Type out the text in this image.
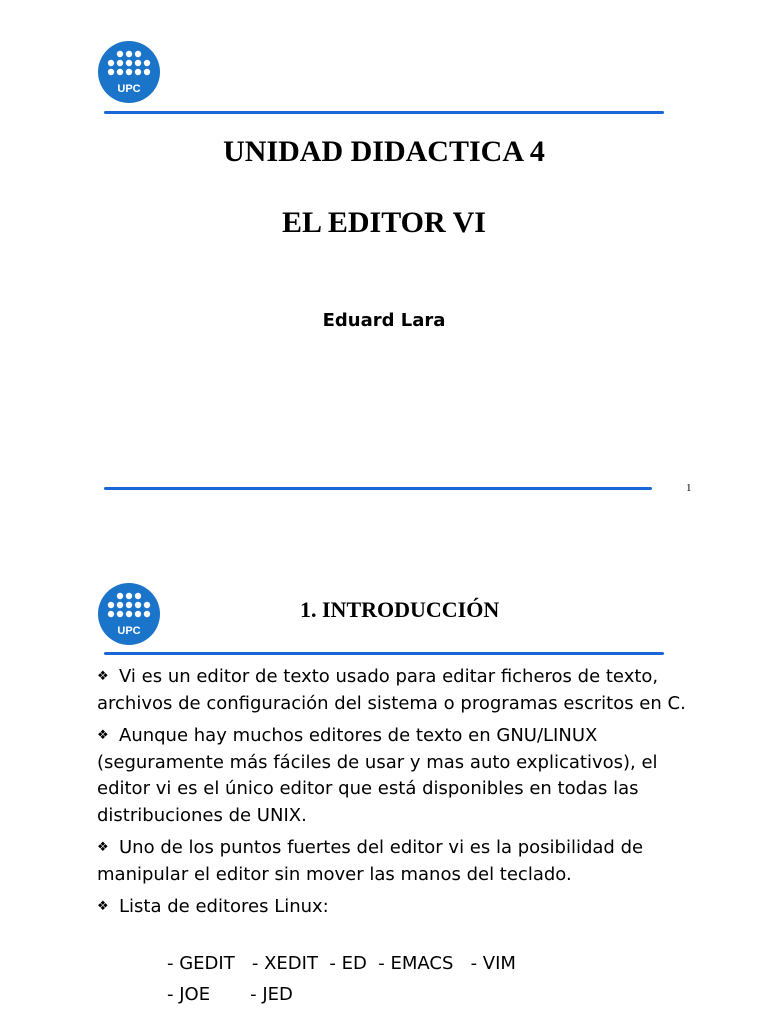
UPC
UNIDAD DIDACTICA 4
EL EDITOR VI
Eduard Lara
1
UPC
1. INTRODUCCIÓN

❖ Vi es un editor de texto usado para editar ficheros de texto, archivos de configuración del sistema o programas escritos en C.

❖ Aunque hay muchos editores de texto en GNU/LINUX (seguramente más fáciles de usar y mas auto explicativos), el editor vi es el único editor que está disponibles en todas las distribuciones de UNIX.

❖ Uno de los puntos fuertes del editor vi es la posibilidad de manipular el editor sin mover las manos del teclado.

❖ Lista de editores Linux:

- GEDIT   - XEDIT  - ED  - EMACS   - VIM
- JOE       - JED
